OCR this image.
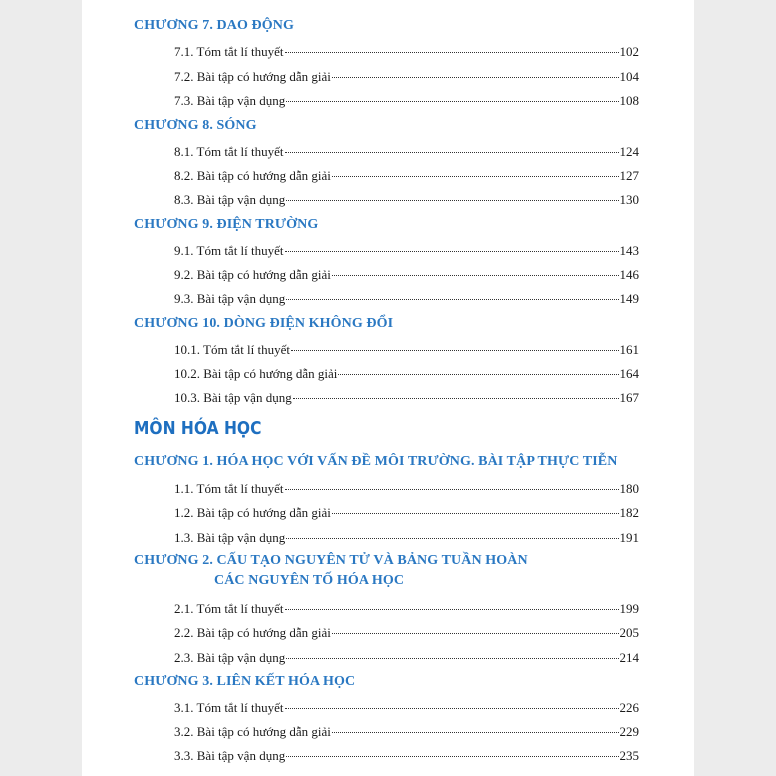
CHƯƠNG 7. DAO ĐỘNG
7.1. Tóm tắt lí thuyết	102
7.2. Bài tập có hướng dẫn giải	104
7.3. Bài tập vận dụng	108
CHƯƠNG 8. SÓNG
8.1. Tóm tắt lí thuyết	124
8.2. Bài tập có hướng dẫn giải	127
8.3. Bài tập vận dụng	130
CHƯƠNG 9. ĐIỆN TRƯỜNG
9.1. Tóm tắt lí thuyết	143
9.2. Bài tập có hướng dẫn giải	146
9.3. Bài tập vận dụng	149
CHƯƠNG 10. DÒNG ĐIỆN KHÔNG ĐỔI
10.1. Tóm tắt lí thuyết	161
10.2. Bài tập có hướng dẫn giải	164
10.3. Bài tập vận dụng	167
MÔN HÓA HỌC
CHƯƠNG 1. HÓA HỌC VỚI VẤN ĐỀ MÔI TRƯỜNG. BÀI TẬP THỰC TIỄN
1.1. Tóm tắt lí thuyết	180
1.2. Bài tập có hướng dẫn giải	182
1.3. Bài tập vận dụng	191
CHƯƠNG 2. CẤU TẠO NGUYÊN TỬ VÀ BẢNG TUẦN HOÀN
CÁC NGUYÊN TỐ HÓA HỌC
2.1. Tóm tắt lí thuyết	199
2.2. Bài tập có hướng dẫn giải	205
2.3. Bài tập vận dụng	214
CHƯƠNG 3. LIÊN KẾT HÓA HỌC
3.1. Tóm tắt lí thuyết	226
3.2. Bài tập có hướng dẫn giải	229
3.3. Bài tập vận dụng	235
